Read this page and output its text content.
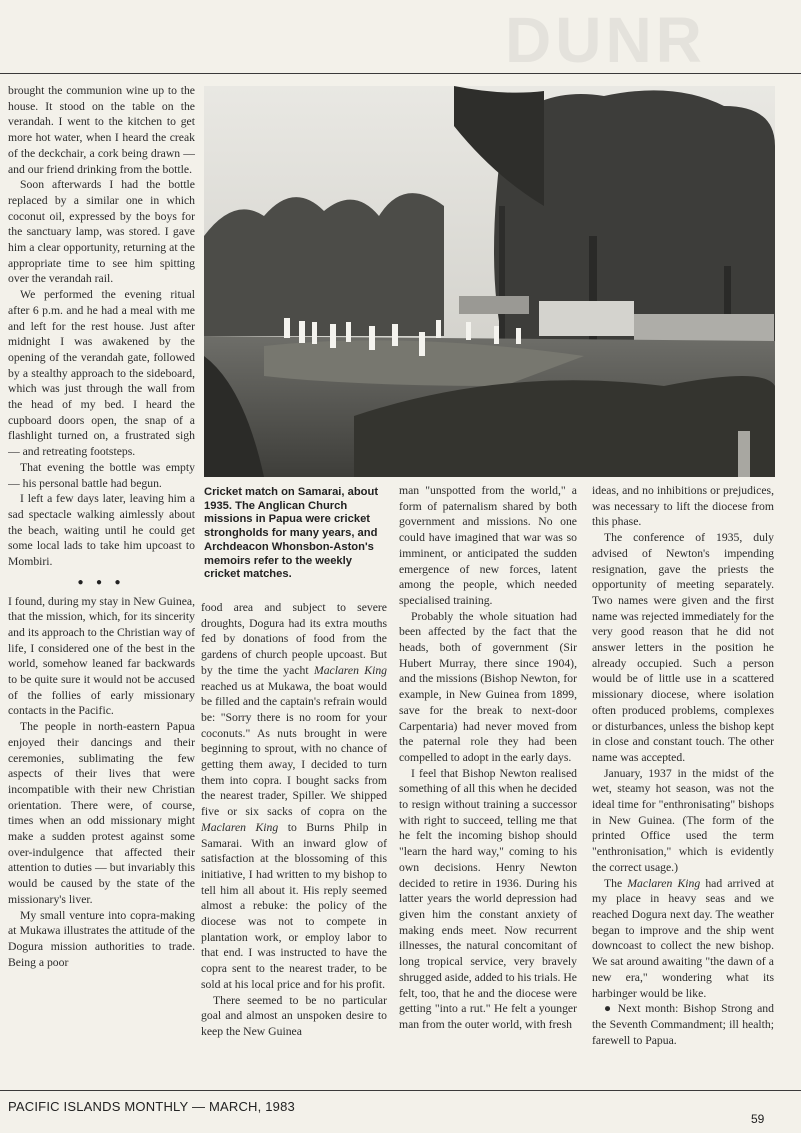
DUNR

brought the communion wine up to the house. It stood on the table on the verandah. I went to the kitchen to get more hot water, when I heard the creak of the deckchair, a cork being drawn — and our friend drinking from the bottle.

Soon afterwards I had the bottle replaced by a similar one in which coconut oil, expressed by the boys for the sanctuary lamp, was stored. I gave him a clear opportunity, returning at the appropriate time to see him spitting over the verandah rail.

We performed the evening ritual after 6 p.m. and he had a meal with me and left for the rest house. Just after midnight I was awakened by the opening of the verandah gate, followed by a stealthy approach to the sideboard, which was just through the wall from the head of my bed. I heard the cupboard doors open, the snap of a flashlight turned on, a frustrated sigh — and retreating footsteps.

That evening the bottle was empty — his personal battle had begun.

I left a few days later, leaving him a sad spectacle walking aimlessly about the beach, waiting until he could get some local lads to take him upcoast to Mombiri.

● ● ●

I found, during my stay in New Guinea, that the mission, which, for its sincerity and its approach to the Christian way of life, I considered one of the best in the world, somehow leaned far backwards to be quite sure it would not be accused of the follies of early missionary contacts in the Pacific.

The people in north-eastern Papua enjoyed their dancings and their ceremonies, sublimating the few aspects of their lives that were incompatible with their new Christian orientation. There were, of course, times when an odd missionary might make a sudden protest against some over-indulgence that affected their attention to duties — but invariably this would be caused by the state of the missionary's liver.

My small venture into copra-making at Mukawa illustrates the attitude of the Dogura mission authorities to trade. Being a poor

Cricket match on Samarai, about 1935. The Anglican Church missions in Papua were cricket strongholds for many years, and Archdeacon Whonsbon-Aston's memoirs refer to the weekly cricket matches.

food area and subject to severe droughts, Dogura had its extra mouths fed by donations of food from the gardens of church people upcoast. But by the time the yacht Maclaren King reached us at Mukawa, the boat would be filled and the captain's refrain would be: "Sorry there is no room for your coconuts." As nuts brought in were beginning to sprout, with no chance of getting them away, I decided to turn them into copra. I bought sacks from the nearest trader, Spiller. We shipped five or six sacks of copra on the Maclaren King to Burns Philp in Samarai. With an inward glow of satisfaction at the blossoming of this initiative, I had written to my bishop to tell him all about it. His reply seemed almost a rebuke: the policy of the diocese was not to compete in plantation work, or employ labor to that end. I was instructed to have the copra sent to the nearest trader, to be sold at his local price and for his profit.

There seemed to be no particular goal and almost an unspoken desire to keep the New Guinea

man "unspotted from the world," a form of paternalism shared by both government and missions. No one could have imagined that war was so imminent, or anticipated the sudden emergence of new forces, latent among the people, which needed specialised training.

Probably the whole situation had been affected by the fact that the heads, both of government (Sir Hubert Murray, there since 1904), and the missions (Bishop Newton, for example, in New Guinea from 1899, save for the break to next-door Carpentaria) had never moved from the paternal role they had been compelled to adopt in the early days.

I feel that Bishop Newton realised something of all this when he decided to resign without training a successor with right to succeed, telling me that he felt the incoming bishop should "learn the hard way," coming to his own decisions. Henry Newton decided to retire in 1936. During his latter years the world depression had given him the constant anxiety of making ends meet. Now recurrent illnesses, the natural concomitant of long tropical service, very bravely shrugged aside, added to his trials. He felt, too, that he and the diocese were getting "into a rut." He felt a younger man from the outer world, with fresh

ideas, and no inhibitions or prejudices, was necessary to lift the diocese from this phase.

The conference of 1935, duly advised of Newton's impending resignation, gave the priests the opportunity of meeting separately. Two names were given and the first name was rejected immediately for the very good reason that he did not answer letters in the position he already occupied. Such a person would be of little use in a scattered missionary diocese, where isolation often produced problems, complexes or disturbances, unless the bishop kept in close and constant touch. The other name was accepted.

January, 1937 in the midst of the wet, steamy hot season, was not the ideal time for "enthronisating" bishops in New Guinea. (The form of the printed Office used the term "enthronisation," which is evidently the correct usage.)

The Maclaren King had arrived at my place in heavy seas and we reached Dogura next day. The weather began to improve and the ship went downcoast to collect the new bishop. We sat around awaiting "the dawn of a new era," wondering what its harbinger would be like.

● Next month: Bishop Strong and the Seventh Commandment; ill health; farewell to Papua.

PACIFIC ISLANDS MONTHLY — MARCH, 1983
59
